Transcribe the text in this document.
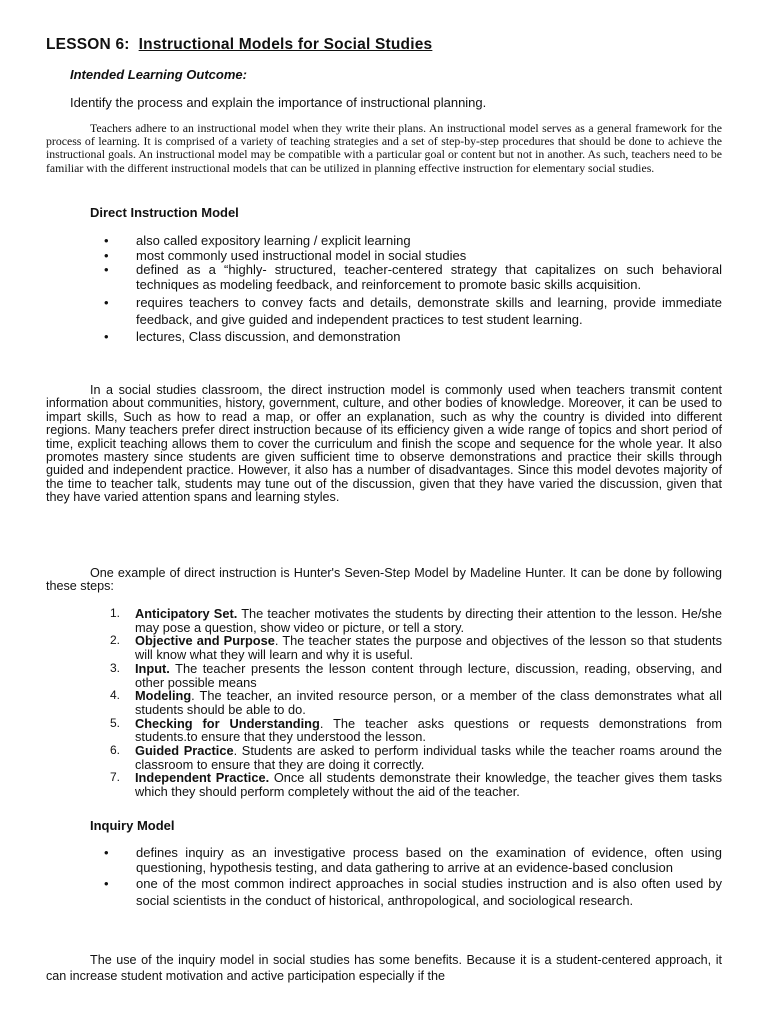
LESSON 6: Instructional Models for Social Studies
Intended Learning Outcome:
Identify the process and explain the importance of instructional planning.
Teachers adhere to an instructional model when they write their plans. An instructional model serves as a general framework for the process of learning. It is comprised of a variety of teaching strategies and a set of step-by-step procedures that should be done to achieve the instructional goals. An instructional model may be compatible with a particular goal or content but not in another. As such, teachers need to be familiar with the different instructional models that can be utilized in planning effective instruction for elementary social studies.
Direct Instruction Model
• also called expository learning / explicit learning
• most commonly used instructional model in social studies
• defined as a “highly- structured, teacher-centered strategy that capitalizes on such behavioral techniques as modeling feedback, and reinforcement to promote basic skills acquisition.
• requires teachers to convey facts and details, demonstrate skills and learning, provide immediate feedback, and give guided and independent practices to test student learning.
• lectures, Class discussion, and demonstration

In a social studies classroom, the direct instruction model is commonly used when teachers transmit content information about communities, history, government, culture, and other bodies of knowledge. Moreover, it can be used to impart skills, Such as how to read a map, or offer an explanation, such as why the country is divided into different regions. Many teachers prefer direct instruction because of its efficiency given a wide range of topics and short period of time, explicit teaching allows them to cover the curriculum and finish the scope and sequence for the whole year. It also promotes mastery since students are given sufficient time to observe demonstrations and practice their skills through guided and independent practice. However, it also has a number of disadvantages. Since this model devotes majority of the time to teacher talk, students may tune out of the discussion, given that they have varied the discussion, given that they have varied attention spans and learning styles.

One example of direct instruction is Hunter's Seven-Step Model by Madeline Hunter. It can be done by following these steps:

1. Anticipatory Set. The teacher motivates the students by directing their attention to the lesson. He/she may pose a question, show video or picture, or tell a story.
2. Objective and Purpose. The teacher states the purpose and objectives of the lesson so that students will know what they will learn and why it is useful.
3. Input. The teacher presents the lesson content through lecture, discussion, reading, observing, and other possible means
4. Modeling. The teacher, an invited resource person, or a member of the class demonstrates what all students should be able to do.
5. Checking for Understanding. The teacher asks questions or requests demonstrations from students.to ensure that they understood the lesson.
6. Guided Practice. Students are asked to perform individual tasks while the teacher roams around the classroom to ensure that they are doing it correctly.
7. Independent Practice. Once all students demonstrate their knowledge, the teacher gives them tasks which they should perform completely without the aid of the teacher.
Inquiry Model
• defines inquiry as an investigative process based on the examination of evidence, often using questioning, hypothesis testing, and data gathering to arrive at an evidence-based conclusion
• one of the most common indirect approaches in social studies instruction and is also often used by social scientists in the conduct of historical, anthropological, and sociological research.

The use of the inquiry model in social studies has some benefits. Because it is a student-centered approach, it can increase student motivation and active participation especially if the
